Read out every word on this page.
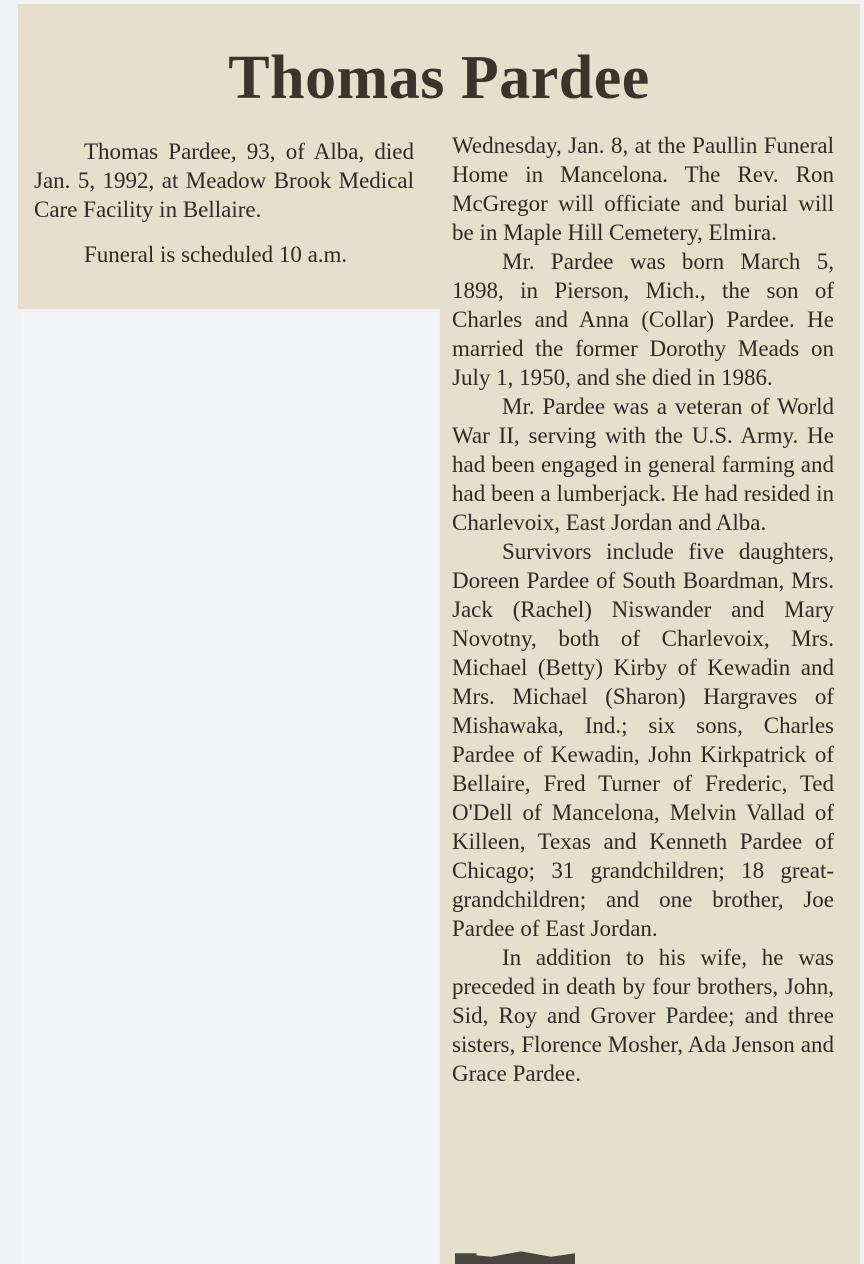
Thomas Pardee

Thomas Pardee, 93, of Alba, died Jan. 5, 1992, at Meadow Brook Medical Care Facility in Bellaire.

Funeral is scheduled 10 a.m.

Wednesday, Jan. 8, at the Paullin Funeral Home in Mancelona. The Rev. Ron McGregor will officiate and burial will be in Maple Hill Cemetery, Elmira.

Mr. Pardee was born March 5, 1898, in Pierson, Mich., the son of Charles and Anna (Collar) Pardee. He married the former Dorothy Meads on July 1, 1950, and she died in 1986.

Mr. Pardee was a veteran of World War II, serving with the U.S. Army. He had been engaged in general farming and had been a lumberjack. He had resided in Charlevoix, East Jordan and Alba.

Survivors include five daughters, Doreen Pardee of South Boardman, Mrs. Jack (Rachel) Niswander and Mary Novotny, both of Charlevoix, Mrs. Michael (Betty) Kirby of Kewadin and Mrs. Michael (Sharon) Hargraves of Mishawaka, Ind.; six sons, Charles Pardee of Kewadin, John Kirkpatrick of Bellaire, Fred Turner of Frederic, Ted O'Dell of Mancelona, Melvin Vallad of Killeen, Texas and Kenneth Pardee of Chicago; 31 grandchildren; 18 great-grandchildren; and one brother, Joe Pardee of East Jordan.

In addition to his wife, he was preceded in death by four brothers, John, Sid, Roy and Grover Pardee; and three sisters, Florence Mosher, Ada Jenson and Grace Pardee.
